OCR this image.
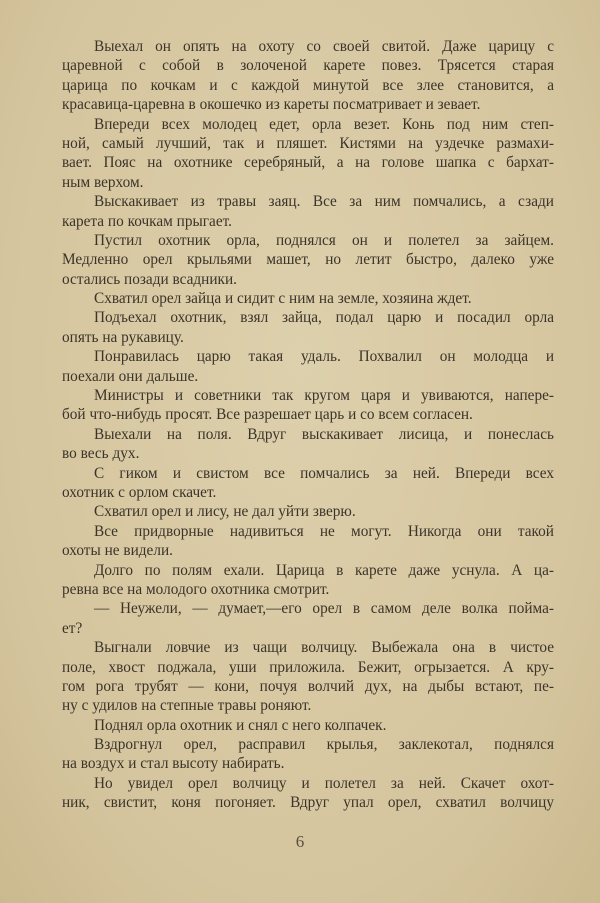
Выехал он опять на охоту со своей свитой. Даже царицу с
царевной с собой в золоченой карете повез. Трясется старая
царица по кочкам и с каждой минутой все злее становится, а
красавица-царевна в окошечко из кареты посматривает и зевает.
Впереди всех молодец едет, орла везет. Конь под ним степ-
ной, самый лучший, так и пляшет. Кистями на уздечке размахи-
вает. Пояс на охотнике серебряный, а на голове шапка с бархат-
ным верхом.
Выскакивает из травы заяц. Все за ним помчались, а сзади
карета по кочкам прыгает.
Пустил охотник орла, поднялся он и полетел за зайцем.
Медленно орел крыльями машет, но летит быстро, далеко уже
остались позади всадники.
Схватил орел зайца и сидит с ним на земле, хозяина ждет.
Подъехал охотник, взял зайца, подал царю и посадил орла
опять на рукавицу.
Понравилась царю такая удаль. Похвалил он молодца и
поехали они дальше.
Министры и советники так кругом царя и увиваются, напере-
бой что-нибудь просят. Все разрешает царь и со всем согласен.
Выехали на поля. Вдруг выскакивает лисица, и понеслась
во весь дух.
С гиком и свистом все помчались за ней. Впереди всех
охотник с орлом скачет.
Схватил орел и лису, не дал уйти зверю.
Все придворные надивиться не могут. Никогда они такой
охоты не видели.
Долго по полям ехали. Царица в карете даже уснула. А ца-
ревна все на молодого охотника смотрит.
— Неужели, — думает,—его орел в самом деле волка пойма-
ет?
Выгнали ловчие из чащи волчицу. Выбежала она в чистое
поле, хвост поджала, уши приложила. Бежит, огрызается. А кру-
гом рога трубят — кони, почуя волчий дух, на дыбы встают, пе-
ну с удилов на степные травы роняют.
Поднял орла охотник и снял с него колпачек.
Вздрогнул орел, расправил крылья, заклекотал, поднялся
на воздух и стал высоту набирать.
Но увидел орел волчицу и полетел за ней. Скачет охот-
ник, свистит, коня погоняет. Вдруг упал орел, схватил волчицу
6
